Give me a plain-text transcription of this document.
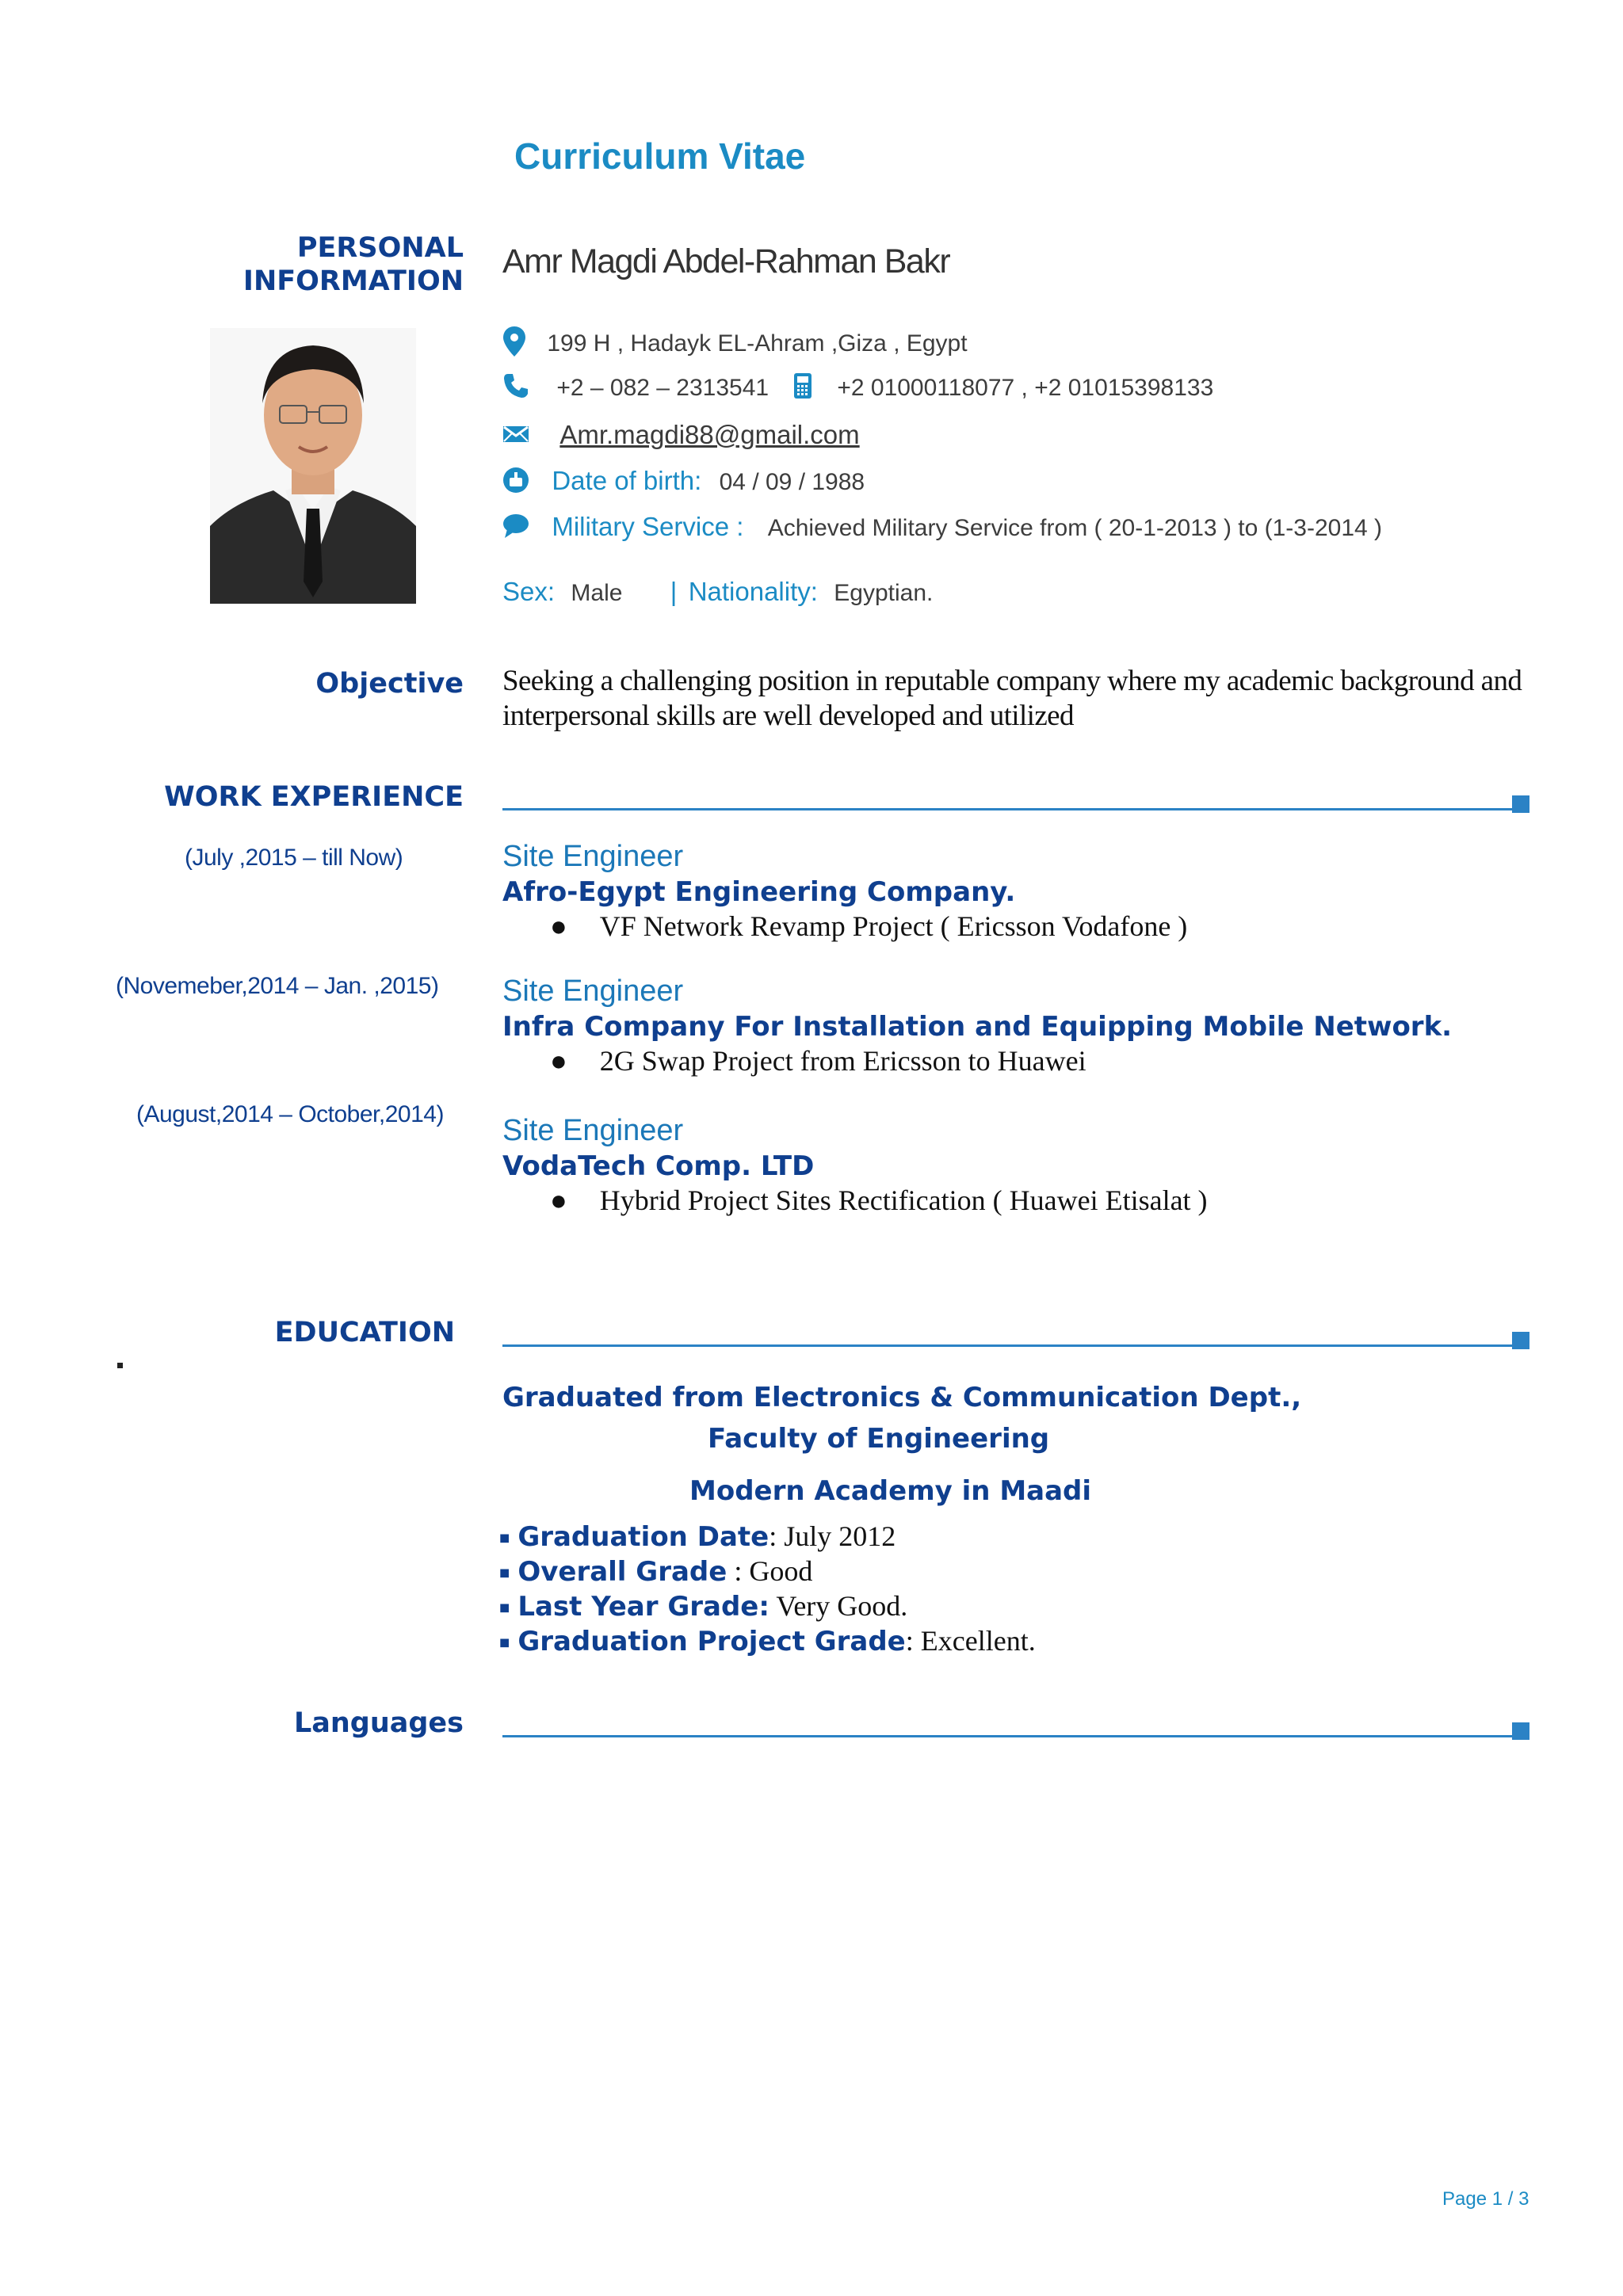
Curriculum Vitae
PERSONAL
INFORMATION
Amr Magdi Abdel-Rahman Bakr
199 H , Hadayk EL-Ahram ,Giza , Egypt
+2 – 082 – 2313541	+2 01000118077 , +2 01015398133
Amr.magdi88@gmail.com
Date of birth: 04 / 09 / 1988
Military Service : Achieved Military Service from ( 20-1-2013 ) to (1-3-2014 )
Sex: Male | Nationality: Egyptian.
Objective Seeking a challenging position in reputable company where my academic background and
interpersonal skills are well developed and utilized
WORK EXPERIENCE
(July ,2015 – till Now)	Site Engineer
Afro-Egypt Engineering Company.
● VF Network Revamp Project ( Ericsson Vodafone )
(Novemeber,2014 – Jan. ,2015) Site Engineer
Infra Company For Installation and Equipping Mobile Network.
● 2G Swap Project from Ericsson to Huawei
(August,2014 – October,2014) Site Engineer
VodaTech Comp. LTD
● Hybrid Project Sites Rectification ( Huawei Etisalat )
EDUCATION
Graduated from Electronics & Communication Dept.,
Faculty of Engineering
Modern Academy in Maadi
■ Graduation Date: July 2012
■ Overall Grade : Good
■ Last Year Grade: Very Good.
■ Graduation Project Grade: Excellent.
Languages
Page 1 / 3
